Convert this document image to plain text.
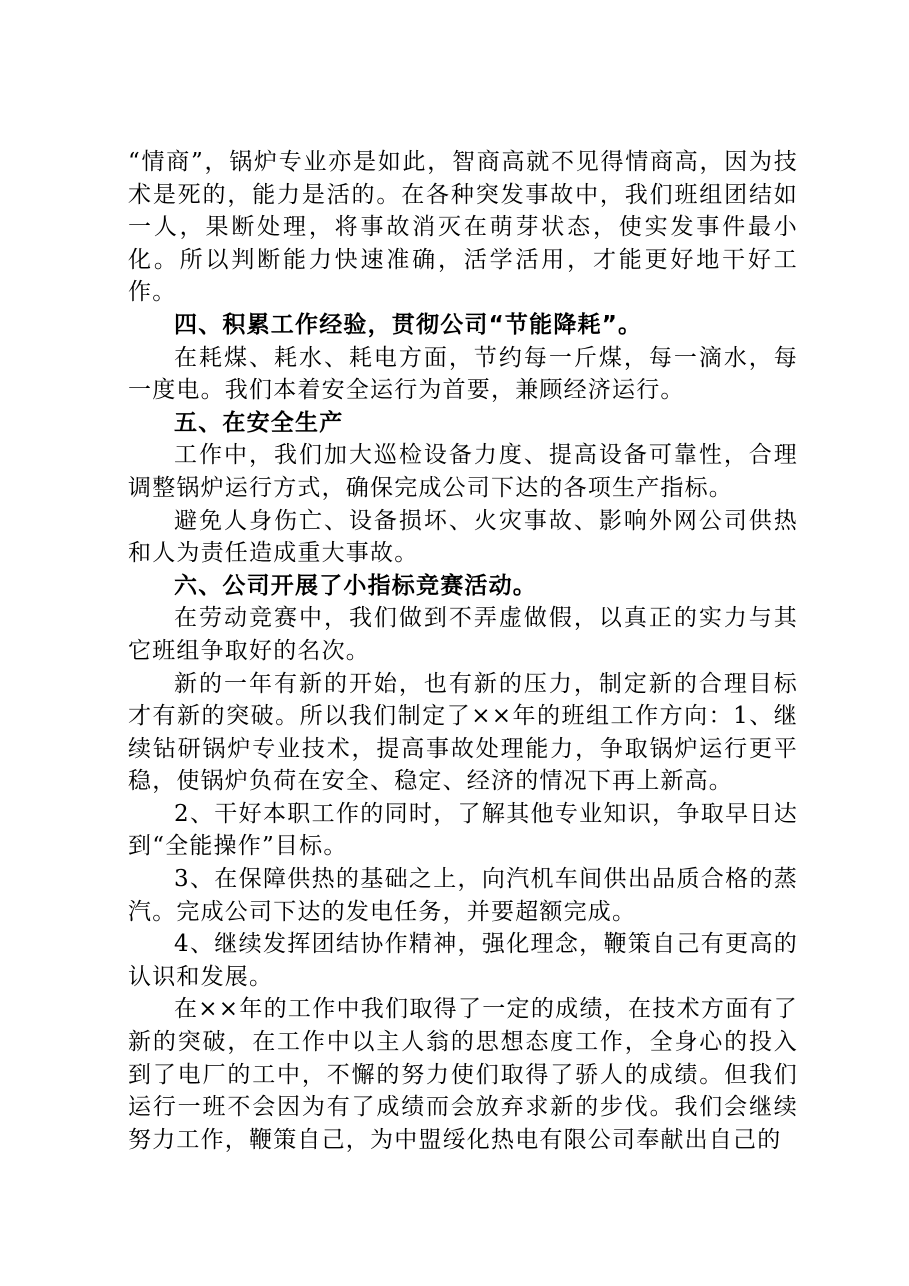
“情商”，锅炉专业亦是如此，智商高就不见得情商高，因为技术是死的，能力是活的。在各种突发事故中，我们班组团结如一人，果断处理，将事故消灭在萌芽状态，使实发事件最小化。所以判断能力快速准确，活学活用，才能更好地干好工作。

四、积累工作经验，贯彻公司“节能降耗”。

在耗煤、耗水、耗电方面，节约每一斤煤，每一滴水，每一度电。我们本着安全运行为首要，兼顾经济运行。

五、在安全生产

工作中，我们加大巡检设备力度、提高设备可靠性，合理调整锅炉运行方式，确保完成公司下达的各项生产指标。

避免人身伤亡、设备损坏、火灾事故、影响外网公司供热和人为责任造成重大事故。

六、公司开展了小指标竞赛活动。

在劳动竞赛中，我们做到不弄虚做假，以真正的实力与其它班组争取好的名次。

新的一年有新的开始，也有新的压力，制定新的合理目标才有新的突破。所以我们制定了××年的班组工作方向：1、继续钻研锅炉专业技术，提高事故处理能力，争取锅炉运行更平稳，使锅炉负荷在安全、稳定、经济的情况下再上新高。

2、干好本职工作的同时，了解其他专业知识，争取早日达到“全能操作”目标。

3、在保障供热的基础之上，向汽机车间供出品质合格的蒸汽。完成公司下达的发电任务，并要超额完成。

4、继续发挥团结协作精神，强化理念，鞭策自己有更高的认识和发展。

在××年的工作中我们取得了一定的成绩，在技术方面有了新的突破，在工作中以主人翁的思想态度工作，全身心的投入到了电厂的工中，不懈的努力使们取得了骄人的成绩。但我们运行一班不会因为有了成绩而会放弃求新的步伐。我们会继续努力工作，鞭策自己，为中盟绥化热电有限公司奉献出自己的
